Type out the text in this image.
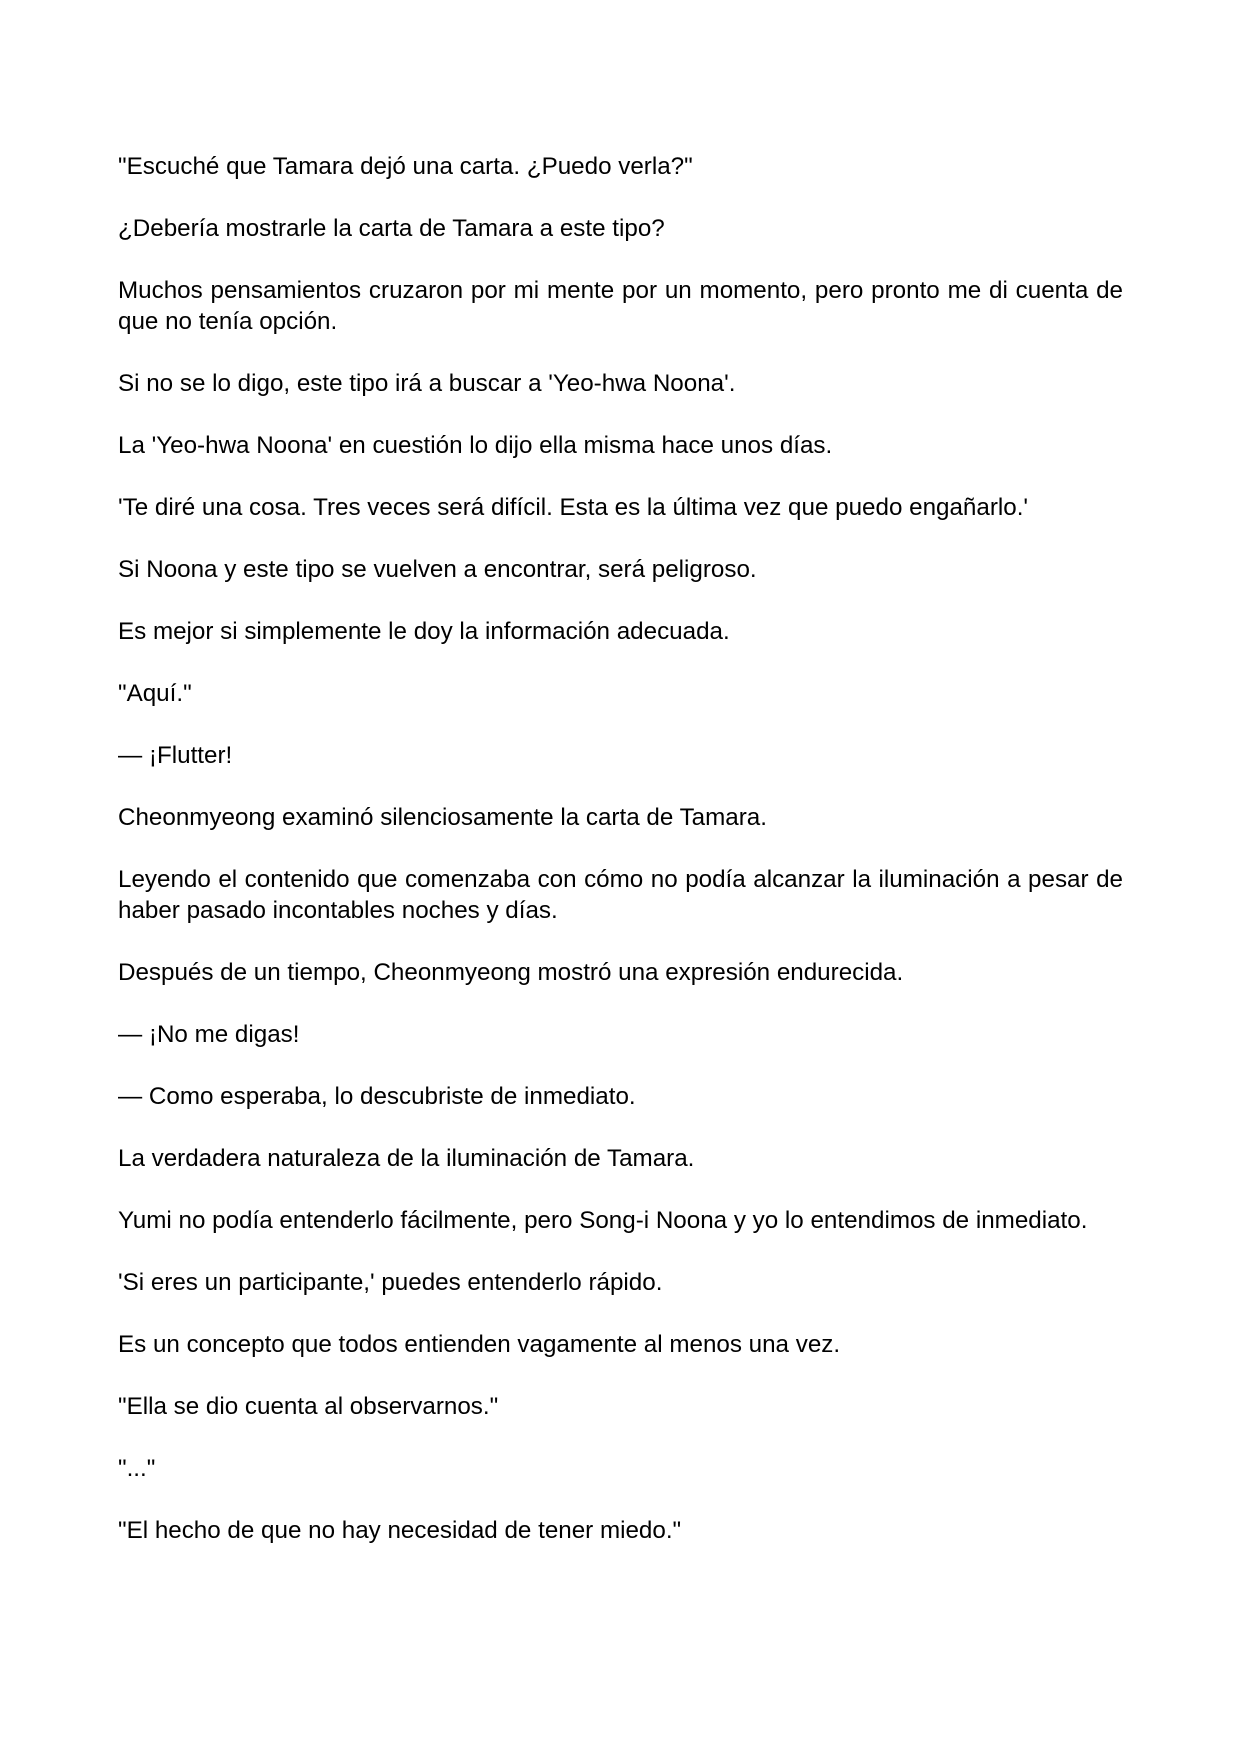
"Escuché que Tamara dejó una carta. ¿Puedo verla?"

¿Debería mostrarle la carta de Tamara a este tipo?

Muchos pensamientos cruzaron por mi mente por un momento, pero pronto me di cuenta de que no tenía opción.

Si no se lo digo, este tipo irá a buscar a 'Yeo-hwa Noona'.

La 'Yeo-hwa Noona' en cuestión lo dijo ella misma hace unos días.

'Te diré una cosa. Tres veces será difícil. Esta es la última vez que puedo engañarlo.'

Si Noona y este tipo se vuelven a encontrar, será peligroso.

Es mejor si simplemente le doy la información adecuada.

"Aquí."

— ¡Flutter!

Cheonmyeong examinó silenciosamente la carta de Tamara.

Leyendo el contenido que comenzaba con cómo no podía alcanzar la iluminación a pesar de haber pasado incontables noches y días.

Después de un tiempo, Cheonmyeong mostró una expresión endurecida.

— ¡No me digas!

— Como esperaba, lo descubriste de inmediato.

La verdadera naturaleza de la iluminación de Tamara.

Yumi no podía entenderlo fácilmente, pero Song-i Noona y yo lo entendimos de inmediato.

'Si eres un participante,' puedes entenderlo rápido.

Es un concepto que todos entienden vagamente al menos una vez.

"Ella se dio cuenta al observarnos."

"..."

"El hecho de que no hay necesidad de tener miedo."
